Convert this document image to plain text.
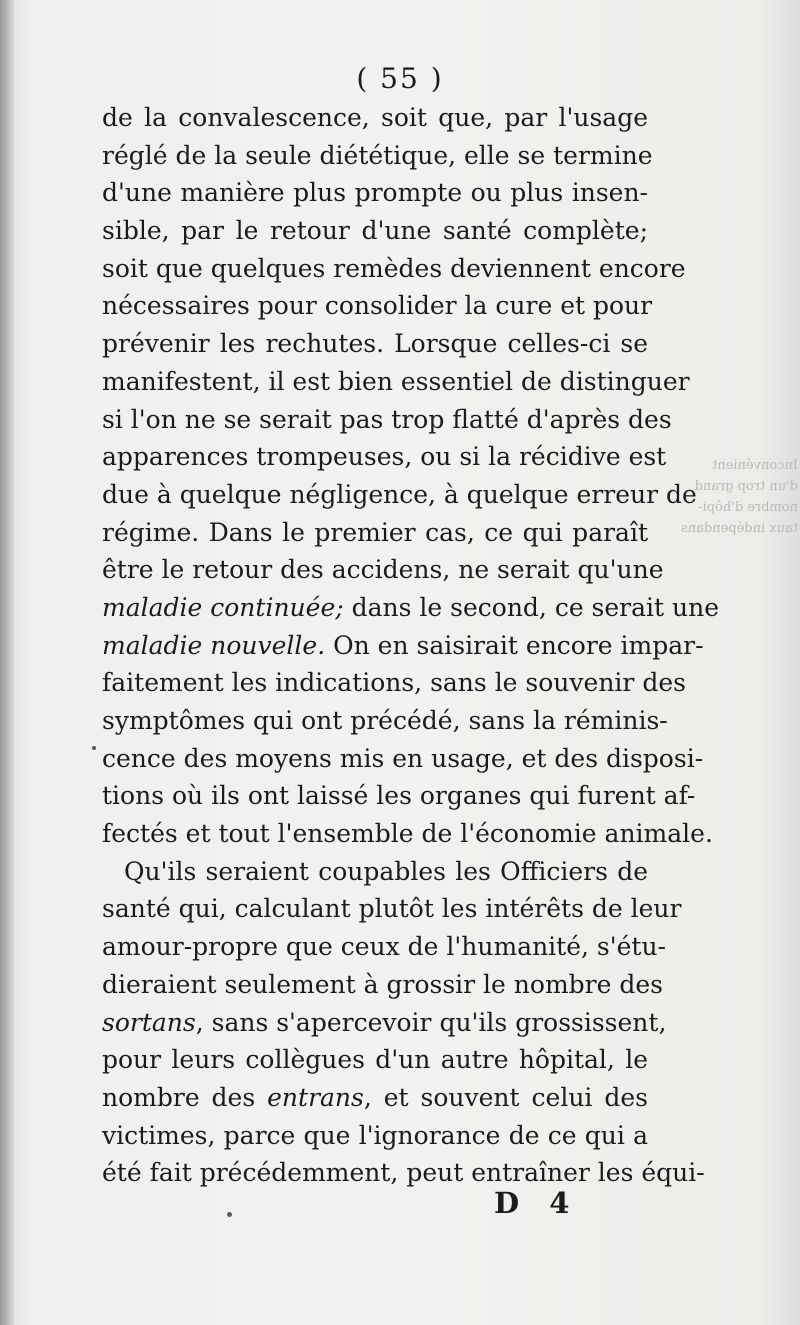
( 55 )
de la convalescence, soit que, par l'usage
réglé de la seule diététique, elle se termine
d'une manière plus prompte ou plus insen-
sible, par le retour d'une santé complète;
soit que quelques remèdes deviennent encore
nécessaires pour consolider la cure et pour
prévenir les rechutes. Lorsque celles-ci se
manifestent, il est bien essentiel de distinguer
si l'on ne se serait pas trop flatté d'après des
apparences trompeuses, ou si la récidive est
due à quelque négligence, à quelque erreur de
régime. Dans le premier cas, ce qui paraît
être le retour des accidens, ne serait qu'une
maladie continuée; dans le second, ce serait une
maladie nouvelle. On en saisirait encore impar-
faitement les indications, sans le souvenir des
symptômes qui ont précédé, sans la réminis-
cence des moyens mis en usage, et des disposi-
tions où ils ont laissé les organes qui furent af-
fectés et tout l'ensemble de l'économie animale.
Qu'ils seraient coupables les Officiers de
santé qui, calculant plutôt les intérêts de leur
amour-propre que ceux de l'humanité, s'étu-
dieraient seulement à grossir le nombre des
sortans, sans s'apercevoir qu'ils grossissent,
pour leurs collègues d'un autre hôpital, le
nombre des entrans, et souvent celui des
victimes, parce que l'ignorance de ce qui a
été fait précédemment, peut entraîner les équi-
Inconvénient
d'un trop grand
nombre d'hôpi-
taux indépendans
D 4
